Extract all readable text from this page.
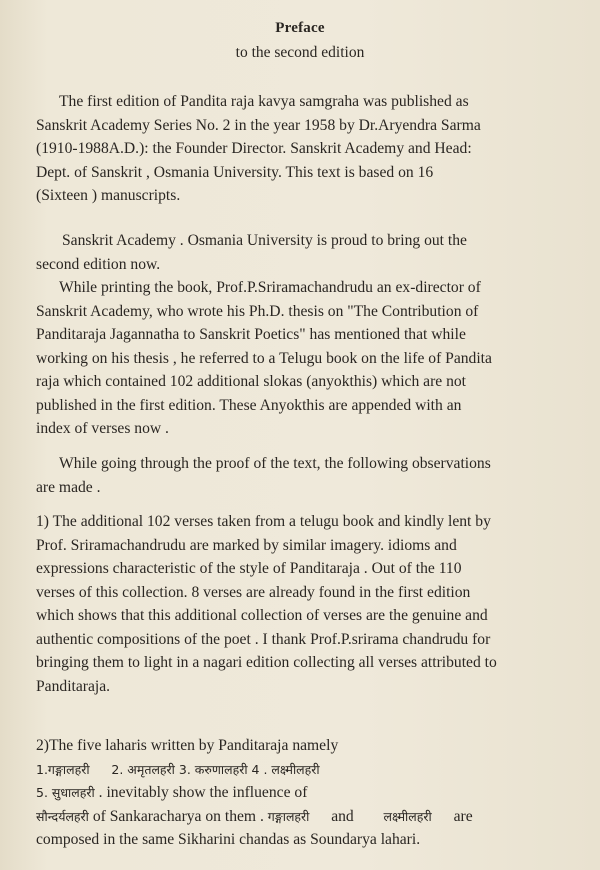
Preface
to the second edition
The first edition of Pandita raja kavya samgraha was published as
Sanskrit Academy Series No. 2 in the year 1958 by Dr.Aryendra Sarma
(1910-1988A.D.): the Founder Director. Sanskrit Academy and Head:
Dept. of Sanskrit , Osmania University. This text is based on 16
(Sixteen ) manuscripts.
Sanskrit Academy . Osmania University is proud to bring out the
second edition now.
While printing the book, Prof.P.Sriramachandrudu an ex-director of
Sanskrit Academy, who wrote his Ph.D. thesis on "The Contribution of
Panditaraja Jagannatha to Sanskrit Poetics" has mentioned that while
working on his thesis , he referred to a Telugu book on the life of Pandita
raja which contained 102 additional slokas (anyokthis) which are not
published in the first edition. These Anyokthis are appended with an
index of verses now .
While going through the proof of the text, the following observations
are made .
1) The additional 102 verses taken from a telugu book and kindly lent by
Prof. Sriramachandrudu are marked by similar imagery. idioms and
expressions characteristic of the style of Panditaraja . Out of the 110
verses of this collection. 8 verses are already found in the first edition
which shows that this additional collection of verses are the genuine and
authentic compositions of the poet . I thank Prof.P.srirama chandrudu for
bringing them to light in a nagari edition collecting all verses attributed to
Panditaraja.
2)The five laharis written by Panditaraja namely
1.गङ्गालहरी 2. अमृतलहरी 3. करुणालहरी 4 . लक्ष्मीलहरी
5. सुधालहरी . inevitably show the influence of
सौन्दर्यलहरी of Sankaracharya on them . गङ्गालहरी and लक्ष्मीलहरी are
composed in the same Sikharini chandas as Soundarya lahari.
